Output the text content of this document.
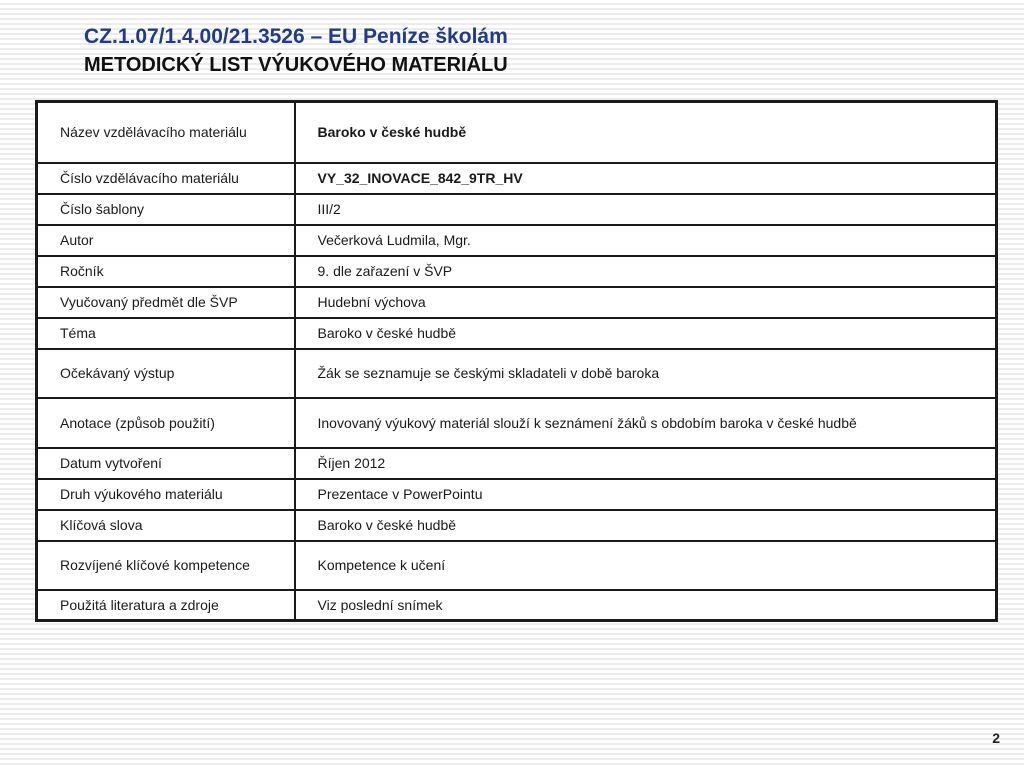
CZ.1.07/1.4.00/21.3526 – EU Peníze školám
METODICKÝ LIST VÝUKOVÉHO MATERIÁLU
Název vzdělávacího materiálu	Baroko v české hudbě
Číslo vzdělávacího materiálu	VY_32_INOVACE_842_9TR_HV
Číslo šablony	III/2
Autor	Večerková Ludmila, Mgr.
Ročník	9. dle zařazení v ŠVP
Vyučovaný předmět dle ŠVP	Hudební výchova
Téma	Baroko v české hudbě
Očekávaný výstup	Žák se seznamuje se českými skladateli v době baroka
Anotace (způsob použití)	Inovovaný výukový materiál slouží k seznámení žáků s obdobím baroka v české hudbě
Datum vytvoření	Říjen 2012
Druh výukového materiálu	Prezentace v PowerPointu
Klíčová slova	Baroko v české hudbě
Rozvíjené klíčové kompetence	Kompetence k učení
Použitá literatura a zdroje	Viz poslední snímek
2
